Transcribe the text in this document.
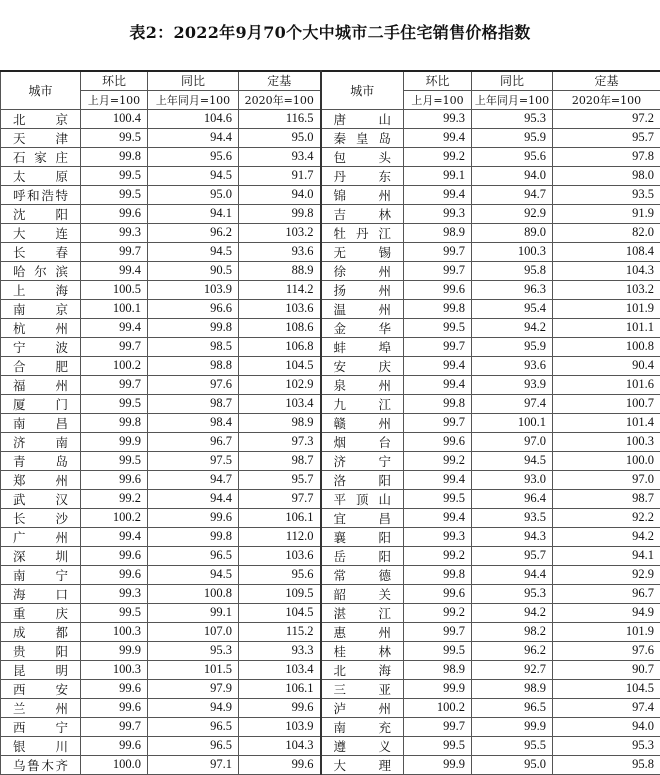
表2：2022年9月70个大中城市二手住宅销售价格指数
城市	环比	同比	定基	城市	环比	同比	定基
	上月=100	上年同月=100	2020年=100		上月=100	上年同月=100	2020年=100
北京	100.4	104.6	116.5	唐山	99.3	95.3	97.2
天津	99.5	94.4	95.0	秦皇岛	99.4	95.9	95.7
石家庄	99.8	95.6	93.4	包头	99.2	95.6	97.8
太原	99.5	94.5	91.7	丹东	99.1	94.0	98.0
呼和浩特	99.5	95.0	94.0	锦州	99.4	94.7	93.5
沈阳	99.6	94.1	99.8	吉林	99.3	92.9	91.9
大连	99.3	96.2	103.2	牡丹江	98.9	89.0	82.0
长春	99.7	94.5	93.6	无锡	99.7	100.3	108.4
哈尔滨	99.4	90.5	88.9	徐州	99.7	95.8	104.3
上海	100.5	103.9	114.2	扬州	99.6	96.3	103.2
南京	100.1	96.6	103.6	温州	99.8	95.4	101.9
杭州	99.4	99.8	108.6	金华	99.5	94.2	101.1
宁波	99.7	98.5	106.8	蚌埠	99.7	95.9	100.8
合肥	100.2	98.8	104.5	安庆	99.4	93.6	90.4
福州	99.7	97.6	102.9	泉州	99.4	93.9	101.6
厦门	99.5	98.7	103.4	九江	99.8	97.4	100.7
南昌	99.8	98.4	98.9	赣州	99.7	100.1	101.4
济南	99.9	96.7	97.3	烟台	99.6	97.0	100.3
青岛	99.5	97.5	98.7	济宁	99.2	94.5	100.0
郑州	99.6	94.7	95.7	洛阳	99.4	93.0	97.0
武汉	99.2	94.4	97.7	平顶山	99.5	96.4	98.7
长沙	100.2	99.6	106.1	宜昌	99.4	93.5	92.2
广州	99.4	99.8	112.0	襄阳	99.3	94.3	94.2
深圳	99.6	96.5	103.6	岳阳	99.2	95.7	94.1
南宁	99.6	94.5	95.6	常德	99.8	94.4	92.9
海口	99.3	100.8	109.5	韶关	99.6	95.3	96.7
重庆	99.5	99.1	104.5	湛江	99.2	94.2	94.9
成都	100.3	107.0	115.2	惠州	99.7	98.2	101.9
贵阳	99.9	95.3	93.3	桂林	99.5	96.2	97.6
昆明	100.3	101.5	103.4	北海	98.9	92.7	90.7
西安	99.6	97.9	106.1	三亚	99.9	98.9	104.5
兰州	99.6	94.9	99.6	泸州	100.2	96.5	97.4
西宁	99.7	96.5	103.9	南充	99.7	99.9	94.0
银川	99.6	96.5	104.3	遵义	99.5	95.5	95.3
乌鲁木齐	100.0	97.1	99.6	大理	99.9	95.0	95.8
